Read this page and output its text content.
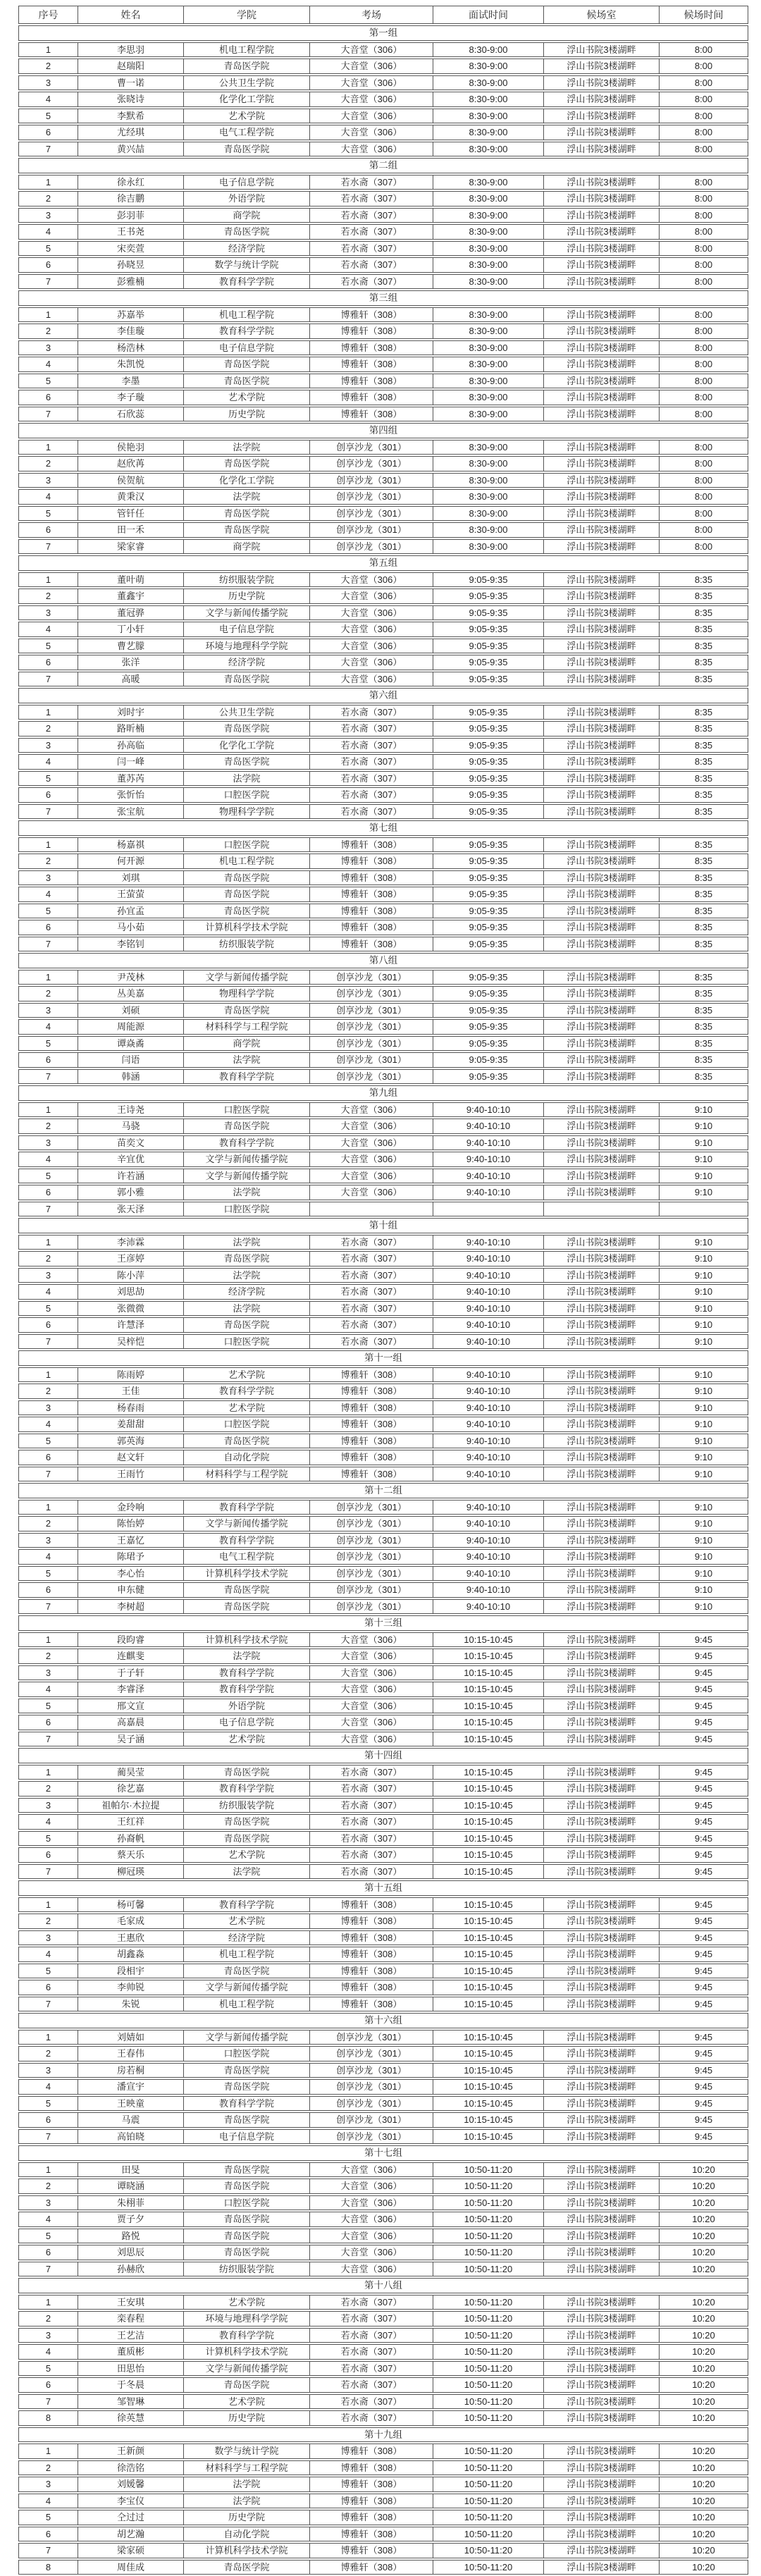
序号	姓名	学院	考场	面试时间	候场室	候场时间
第一组						
1	李思羽	机电工程学院	大音堂（306）	8:30-9:00	浮山书院3楼湖畔	8:00
2	赵瑞阳	青岛医学院	大音堂（306）	8:30-9:00	浮山书院3楼湖畔	8:00
3	曹一诺	公共卫生学院	大音堂（306）	8:30-9:00	浮山书院3楼湖畔	8:00
4	张晓诗	化学化工学院	大音堂（306）	8:30-9:00	浮山书院3楼湖畔	8:00
5	李默希	艺术学院	大音堂（306）	8:30-9:00	浮山书院3楼湖畔	8:00
6	尤经琪	电气工程学院	大音堂（306）	8:30-9:00	浮山书院3楼湖畔	8:00
7	黄兴喆	青岛医学院	大音堂（306）	8:30-9:00	浮山书院3楼湖畔	8:00
第二组						
1	徐永红	电子信息学院	若水斋（307）	8:30-9:00	浮山书院3楼湖畔	8:00
2	徐吉鹏	外语学院	若水斋（307）	8:30-9:00	浮山书院3楼湖畔	8:00
3	彭羽菲	商学院	若水斋（307）	8:30-9:00	浮山书院3楼湖畔	8:00
4	王书尧	青岛医学院	若水斋（307）	8:30-9:00	浮山书院3楼湖畔	8:00
5	宋奕萱	经济学院	若水斋（307）	8:30-9:00	浮山书院3楼湖畔	8:00
6	孙晓昱	数学与统计学院	若水斋（307）	8:30-9:00	浮山书院3楼湖畔	8:00
7	彭雅楠	教育科学学院	若水斋（307）	8:30-9:00	浮山书院3楼湖畔	8:00
第三组						
1	苏嘉举	机电工程学院	博雅轩（308）	8:30-9:00	浮山书院3楼湖畔	8:00
2	李佳璇	教育科学学院	博雅轩（308）	8:30-9:00	浮山书院3楼湖畔	8:00
3	杨浩林	电子信息学院	博雅轩（308）	8:30-9:00	浮山书院3楼湖畔	8:00
4	朱凯悦	青岛医学院	博雅轩（308）	8:30-9:00	浮山书院3楼湖畔	8:00
5	李墨	青岛医学院	博雅轩（308）	8:30-9:00	浮山书院3楼湖畔	8:00
6	李子璇	艺术学院	博雅轩（308）	8:30-9:00	浮山书院3楼湖畔	8:00
7	石欣蕊	历史学院	博雅轩（308）	8:30-9:00	浮山书院3楼湖畔	8:00
第四组						
1	侯艳羽	法学院	创享沙龙（301）	8:30-9:00	浮山书院3楼湖畔	8:00
2	赵欣苒	青岛医学院	创享沙龙（301）	8:30-9:00	浮山书院3楼湖畔	8:00
3	侯贺航	化学化工学院	创享沙龙（301）	8:30-9:00	浮山书院3楼湖畔	8:00
4	黄秉汉	法学院	创享沙龙（301）	8:30-9:00	浮山书院3楼湖畔	8:00
5	管钎任	青岛医学院	创享沙龙（301）	8:30-9:00	浮山书院3楼湖畔	8:00
6	田一禾	青岛医学院	创享沙龙（301）	8:30-9:00	浮山书院3楼湖畔	8:00
7	梁家睿	商学院	创享沙龙（301）	8:30-9:00	浮山书院3楼湖畔	8:00
第五组						
1	董叶萌	纺织服装学院	大音堂（306）	9:05-9:35	浮山书院3楼湖畔	8:35
2	董鑫宇	历史学院	大音堂（306）	9:05-9:35	浮山书院3楼湖畔	8:35
3	董冠骅	文学与新闻传播学院	大音堂（306）	9:05-9:35	浮山书院3楼湖畔	8:35
4	丁小轩	电子信息学院	大音堂（306）	9:05-9:35	浮山书院3楼湖畔	8:35
5	曹艺朦	环境与地理科学学院	大音堂（306）	9:05-9:35	浮山书院3楼湖畔	8:35
6	张洋	经济学院	大音堂（306）	9:05-9:35	浮山书院3楼湖畔	8:35
7	高暖	青岛医学院	大音堂（306）	9:05-9:35	浮山书院3楼湖畔	8:35
第六组						
1	刘时宇	公共卫生学院	若水斋（307）	9:05-9:35	浮山书院3楼湖畔	8:35
2	路昕楠	青岛医学院	若水斋（307）	9:05-9:35	浮山书院3楼湖畔	8:35
3	孙高临	化学化工学院	若水斋（307）	9:05-9:35	浮山书院3楼湖畔	8:35
4	闫一峰	青岛医学院	若水斋（307）	9:05-9:35	浮山书院3楼湖畔	8:35
5	董苏芮	法学院	若水斋（307）	9:05-9:35	浮山书院3楼湖畔	8:35
6	张忻怡	口腔医学院	若水斋（307）	9:05-9:35	浮山书院3楼湖畔	8:35
7	张宝航	物理科学学院	若水斋（307）	9:05-9:35	浮山书院3楼湖畔	8:35
第七组						
1	杨嘉祺	口腔医学院	博雅轩（308）	9:05-9:35	浮山书院3楼湖畔	8:35
2	何开源	机电工程学院	博雅轩（308）	9:05-9:35	浮山书院3楼湖畔	8:35
3	刘琪	青岛医学院	博雅轩（308）	9:05-9:35	浮山书院3楼湖畔	8:35
4	王萤萤	青岛医学院	博雅轩（308）	9:05-9:35	浮山书院3楼湖畔	8:35
5	孙宜孟	青岛医学院	博雅轩（308）	9:05-9:35	浮山书院3楼湖畔	8:35
6	马小茹	计算机科学技术学院	博雅轩（308）	9:05-9:35	浮山书院3楼湖畔	8:35
7	李铭钊	纺织服装学院	博雅轩（308）	9:05-9:35	浮山书院3楼湖畔	8:35
第八组						
1	尹茂林	文学与新闻传播学院	创享沙龙（301）	9:05-9:35	浮山书院3楼湖畔	8:35
2	丛美嘉	物理科学学院	创享沙龙（301）	9:05-9:35	浮山书院3楼湖畔	8:35
3	刘硕	青岛医学院	创享沙龙（301）	9:05-9:35	浮山书院3楼湖畔	8:35
4	周能源	材料科学与工程学院	创享沙龙（301）	9:05-9:35	浮山书院3楼湖畔	8:35
5	谭焱矞	商学院	创享沙龙（301）	9:05-9:35	浮山书院3楼湖畔	8:35
6	闫语	法学院	创享沙龙（301）	9:05-9:35	浮山书院3楼湖畔	8:35
7	韩涵	教育科学学院	创享沙龙（301）	9:05-9:35	浮山书院3楼湖畔	8:35
第九组						
1	王诗尧	口腔医学院	大音堂（306）	9:40-10:10	浮山书院3楼湖畔	9:10
2	马骁	青岛医学院	大音堂（306）	9:40-10:10	浮山书院3楼湖畔	9:10
3	苗奕文	教育科学学院	大音堂（306）	9:40-10:10	浮山书院3楼湖畔	9:10
4	辛宜优	文学与新闻传播学院	大音堂（306）	9:40-10:10	浮山书院3楼湖畔	9:10
5	许若涵	文学与新闻传播学院	大音堂（306）	9:40-10:10	浮山书院3楼湖畔	9:10
6	郭小雅	法学院	大音堂（306）	9:40-10:10	浮山书院3楼湖畔	9:10
7	张天泽	口腔医学院				
第十组						
1	李沛霖	法学院	若水斋（307）	9:40-10:10	浮山书院3楼湖畔	9:10
2	王彦婷	青岛医学院	若水斋（307）	9:40-10:10	浮山书院3楼湖畔	9:10
3	陈小萍	法学院	若水斋（307）	9:40-10:10	浮山书院3楼湖畔	9:10
4	刘思劼	经济学院	若水斋（307）	9:40-10:10	浮山书院3楼湖畔	9:10
5	张微微	法学院	若水斋（307）	9:40-10:10	浮山书院3楼湖畔	9:10
6	许慧泽	青岛医学院	若水斋（307）	9:40-10:10	浮山书院3楼湖畔	9:10
7	吴梓恺	口腔医学院	若水斋（307）	9:40-10:10	浮山书院3楼湖畔	9:10
第十一组						
1	陈雨婷	艺术学院	博雅轩（308）	9:40-10:10	浮山书院3楼湖畔	9:10
2	王佳	教育科学学院	博雅轩（308）	9:40-10:10	浮山书院3楼湖畔	9:10
3	杨春雨	艺术学院	博雅轩（308）	9:40-10:10	浮山书院3楼湖畔	9:10
4	姜甜甜	口腔医学院	博雅轩（308）	9:40-10:10	浮山书院3楼湖畔	9:10
5	郭英海	青岛医学院	博雅轩（308）	9:40-10:10	浮山书院3楼湖畔	9:10
6	赵文轩	自动化学院	博雅轩（308）	9:40-10:10	浮山书院3楼湖畔	9:10
7	王雨竹	材料科学与工程学院	博雅轩（308）	9:40-10:10	浮山书院3楼湖畔	9:10
第十二组						
1	金玲响	教育科学学院	创享沙龙（301）	9:40-10:10	浮山书院3楼湖畔	9:10
2	陈怡婷	文学与新闻传播学院	创享沙龙（301）	9:40-10:10	浮山书院3楼湖畔	9:10
3	王嘉忆	教育科学学院	创享沙龙（301）	9:40-10:10	浮山书院3楼湖畔	9:10
4	陈珺予	电气工程学院	创享沙龙（301）	9:40-10:10	浮山书院3楼湖畔	9:10
5	李心怡	计算机科学技术学院	创享沙龙（301）	9:40-10:10	浮山书院3楼湖畔	9:10
6	申东健	青岛医学院	创享沙龙（301）	9:40-10:10	浮山书院3楼湖畔	9:10
7	李树超	青岛医学院	创享沙龙（301）	9:40-10:10	浮山书院3楼湖畔	9:10
第十三组						
1	段昀睿	计算机科学技术学院	大音堂（306）	10:15-10:45	浮山书院3楼湖畔	9:45
2	连麒斐	法学院	大音堂（306）	10:15-10:45	浮山书院3楼湖畔	9:45
3	于子轩	教育科学学院	大音堂（306）	10:15-10:45	浮山书院3楼湖畔	9:45
4	李睿泽	教育科学学院	大音堂（306）	10:15-10:45	浮山书院3楼湖畔	9:45
5	邢文宣	外语学院	大音堂（306）	10:15-10:45	浮山书院3楼湖畔	9:45
6	高嘉晨	电子信息学院	大音堂（306）	10:15-10:45	浮山书院3楼湖畔	9:45
7	吴子涵	艺术学院	大音堂（306）	10:15-10:45	浮山书院3楼湖畔	9:45
第十四组						
1	蔺昊莹	青岛医学院	若水斋（307）	10:15-10:45	浮山书院3楼湖畔	9:45
2	徐艺嘉	教育科学学院	若水斋（307）	10:15-10:45	浮山书院3楼湖畔	9:45
3	祖帕尔·木拉提	纺织服装学院	若水斋（307）	10:15-10:45	浮山书院3楼湖畔	9:45
4	王红祥	青岛医学院	若水斋（307）	10:15-10:45	浮山书院3楼湖畔	9:45
5	孙裔帆	青岛医学院	若水斋（307）	10:15-10:45	浮山书院3楼湖畔	9:45
6	蔡天乐	艺术学院	若水斋（307）	10:15-10:45	浮山书院3楼湖畔	9:45
7	柳冠瑛	法学院	若水斋（307）	10:15-10:45	浮山书院3楼湖畔	9:45
第十五组						
1	杨可馨	教育科学学院	博雅轩（308）	10:15-10:45	浮山书院3楼湖畔	9:45
2	毛家成	艺术学院	博雅轩（308）	10:15-10:45	浮山书院3楼湖畔	9:45
3	王惠欣	经济学院	博雅轩（308）	10:15-10:45	浮山书院3楼湖畔	9:45
4	胡鑫淼	机电工程学院	博雅轩（308）	10:15-10:45	浮山书院3楼湖畔	9:45
5	段相宇	青岛医学院	博雅轩（308）	10:15-10:45	浮山书院3楼湖畔	9:45
6	李帅锐	文学与新闻传播学院	博雅轩（308）	10:15-10:45	浮山书院3楼湖畔	9:45
7	朱锐	机电工程学院	博雅轩（308）	10:15-10:45	浮山书院3楼湖畔	9:45
第十六组						
1	刘婧如	文学与新闻传播学院	创享沙龙（301）	10:15-10:45	浮山书院3楼湖畔	9:45
2	王春伟	口腔医学院	创享沙龙（301）	10:15-10:45	浮山书院3楼湖畔	9:45
3	房若桐	青岛医学院	创享沙龙（301）	10:15-10:45	浮山书院3楼湖畔	9:45
4	潘宣宇	青岛医学院	创享沙龙（301）	10:15-10:45	浮山书院3楼湖畔	9:45
5	王映童	教育科学学院	创享沙龙（301）	10:15-10:45	浮山书院3楼湖畔	9:45
6	马震	青岛医学院	创享沙龙（301）	10:15-10:45	浮山书院3楼湖畔	9:45
7	高铂晓	电子信息学院	创享沙龙（301）	10:15-10:45	浮山书院3楼湖畔	9:45
第十七组						
1	田旻	青岛医学院	大音堂（306）	10:50-11:20	浮山书院3楼湖畔	10:20
2	谭晓涵	青岛医学院	大音堂（306）	10:50-11:20	浮山书院3楼湖畔	10:20
3	朱栩菲	口腔医学院	大音堂（306）	10:50-11:20	浮山书院3楼湖畔	10:20
4	贾子夕	青岛医学院	大音堂（306）	10:50-11:20	浮山书院3楼湖畔	10:20
5	路悦	青岛医学院	大音堂（306）	10:50-11:20	浮山书院3楼湖畔	10:20
6	刘思辰	青岛医学院	大音堂（306）	10:50-11:20	浮山书院3楼湖畔	10:20
7	孙赫欣	纺织服装学院	大音堂（306）	10:50-11:20	浮山书院3楼湖畔	10:20
第十八组						
1	王安琪	艺术学院	若水斋（307）	10:50-11:20	浮山书院3楼湖畔	10:20
2	栾春程	环境与地理科学学院	若水斋（307）	10:50-11:20	浮山书院3楼湖畔	10:20
3	王艺洁	教育科学学院	若水斋（307）	10:50-11:20	浮山书院3楼湖畔	10:20
4	董质彬	计算机科学技术学院	若水斋（307）	10:50-11:20	浮山书院3楼湖畔	10:20
5	田思怡	文学与新闻传播学院	若水斋（307）	10:50-11:20	浮山书院3楼湖畔	10:20
6	于冬晨	青岛医学院	若水斋（307）	10:50-11:20	浮山书院3楼湖畔	10:20
7	邹智琳	艺术学院	若水斋（307）	10:50-11:20	浮山书院3楼湖畔	10:20
8	徐英慧	历史学院	若水斋（307）	10:50-11:20	浮山书院3楼湖畔	10:20
第十九组						
1	王新颜	数学与统计学院	博雅轩（308）	10:50-11:20	浮山书院3楼湖畔	10:20
2	徐浩铭	材料科学与工程学院	博雅轩（308）	10:50-11:20	浮山书院3楼湖畔	10:20
3	刘媛馨	法学院	博雅轩（308）	10:50-11:20	浮山书院3楼湖畔	10:20
4	李宝仪	法学院	博雅轩（308）	10:50-11:20	浮山书院3楼湖畔	10:20
5	仝过过	历史学院	博雅轩（308）	10:50-11:20	浮山书院3楼湖畔	10:20
6	胡艺瀚	自动化学院	博雅轩（308）	10:50-11:20	浮山书院3楼湖畔	10:20
7	梁家硕	计算机科学技术学院	博雅轩（308）	10:50-11:20	浮山书院3楼湖畔	10:20
8	周佳成	青岛医学院	博雅轩（308）	10:50-11:20	浮山书院3楼湖畔	10:20
